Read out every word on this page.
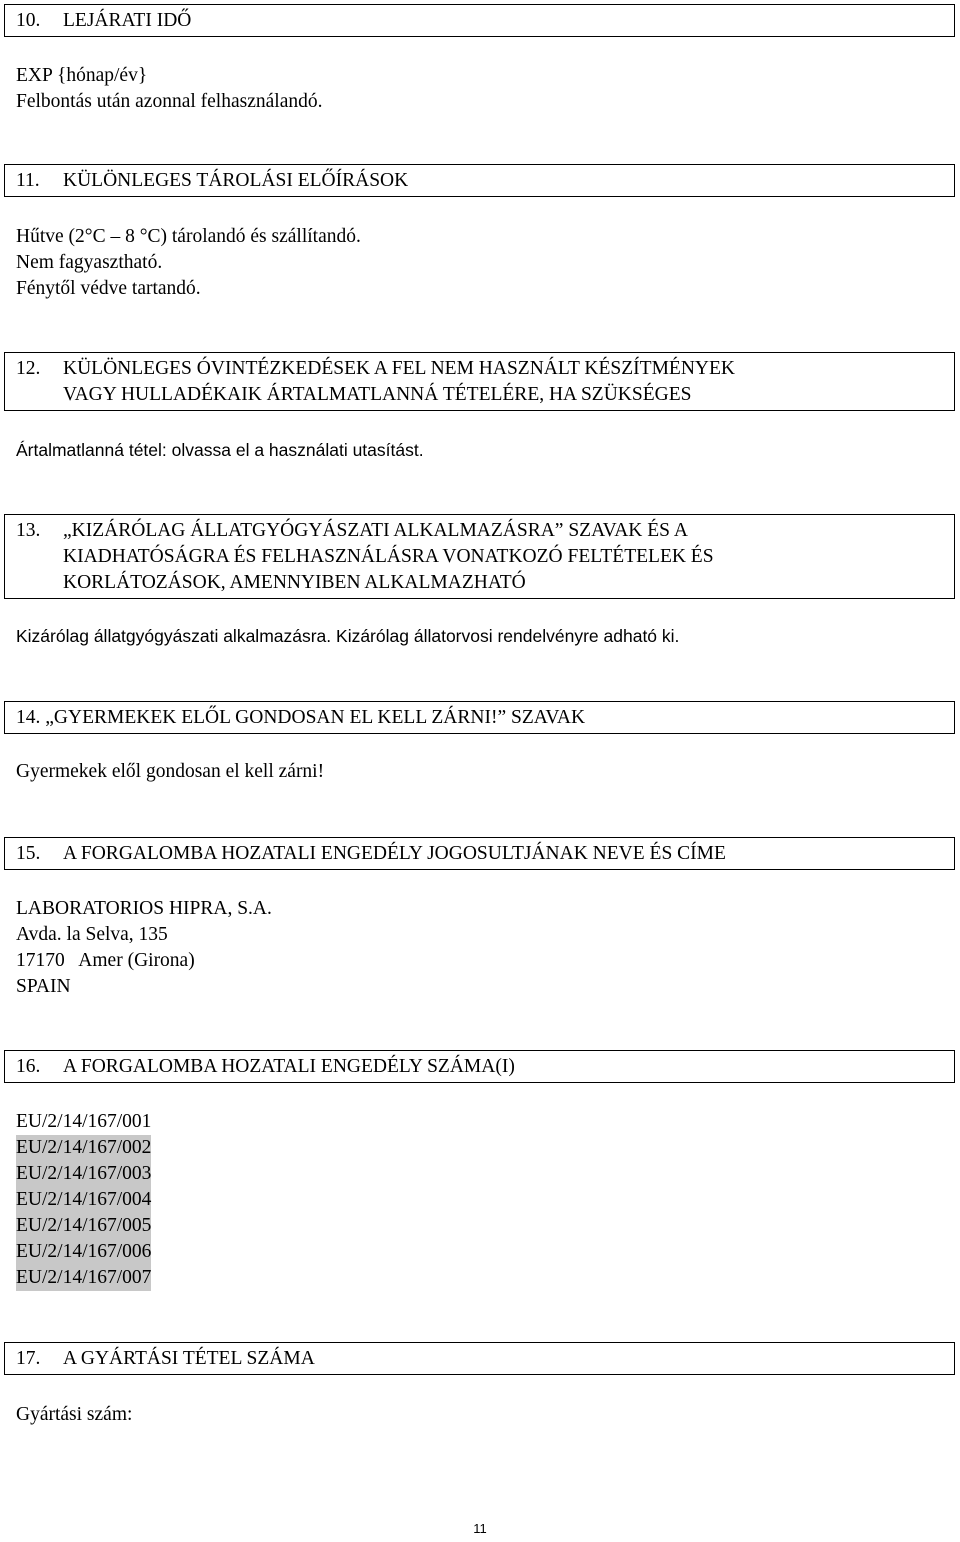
10.	LEJÁRATI IDŐ
EXP {hónap/év}
Felbontás után azonnal felhasználandó.
11.	KÜLÖNLEGES TÁROLÁSI ELŐÍRÁSOK
Hűtve (2°C – 8 °C) tárolandó és szállítandó.
Nem fagyasztható.
Fénytől védve tartandó.
12.	KÜLÖNLEGES ÓVINTÉZKEDÉSEK A FEL NEM HASZNÁLT KÉSZÍTMÉNYEK
VAGY HULLADÉKAIK ÁRTALMATLANNÁ TÉTELÉRE, HA SZÜKSÉGES
Ártalmatlanná tétel: olvassa el a használati utasítást.
13.	„KIZÁRÓLAG ÁLLATGYÓGYÁSZATI ALKALMAZÁSRA” SZAVAK ÉS A
KIADHATÓSÁGRA ÉS FELHASZNÁLÁSRA VONATKOZÓ FELTÉTELEK ÉS
KORLÁTOZÁSOK, AMENNYIBEN ALKALMAZHATÓ
Kizárólag állatgyógyászati alkalmazásra. Kizárólag állatorvosi rendelvényre adható ki.
14. „GYERMEKEK ELŐL GONDOSAN EL KELL ZÁRNI!” SZAVAK
Gyermekek elől gondosan el kell zárni!
15.	A FORGALOMBA HOZATALI ENGEDÉLY JOGOSULTJÁNAK NEVE ÉS CÍME
LABORATORIOS HIPRA, S.A.
Avda. la Selva, 135
17170   Amer (Girona)
SPAIN
16.	A FORGALOMBA HOZATALI ENGEDÉLY SZÁMA(I)
EU/2/14/167/001
EU/2/14/167/002
EU/2/14/167/003
EU/2/14/167/004
EU/2/14/167/005
EU/2/14/167/006
EU/2/14/167/007
17.	A GYÁRTÁSI TÉTEL SZÁMA
Gyártási szám:
11
